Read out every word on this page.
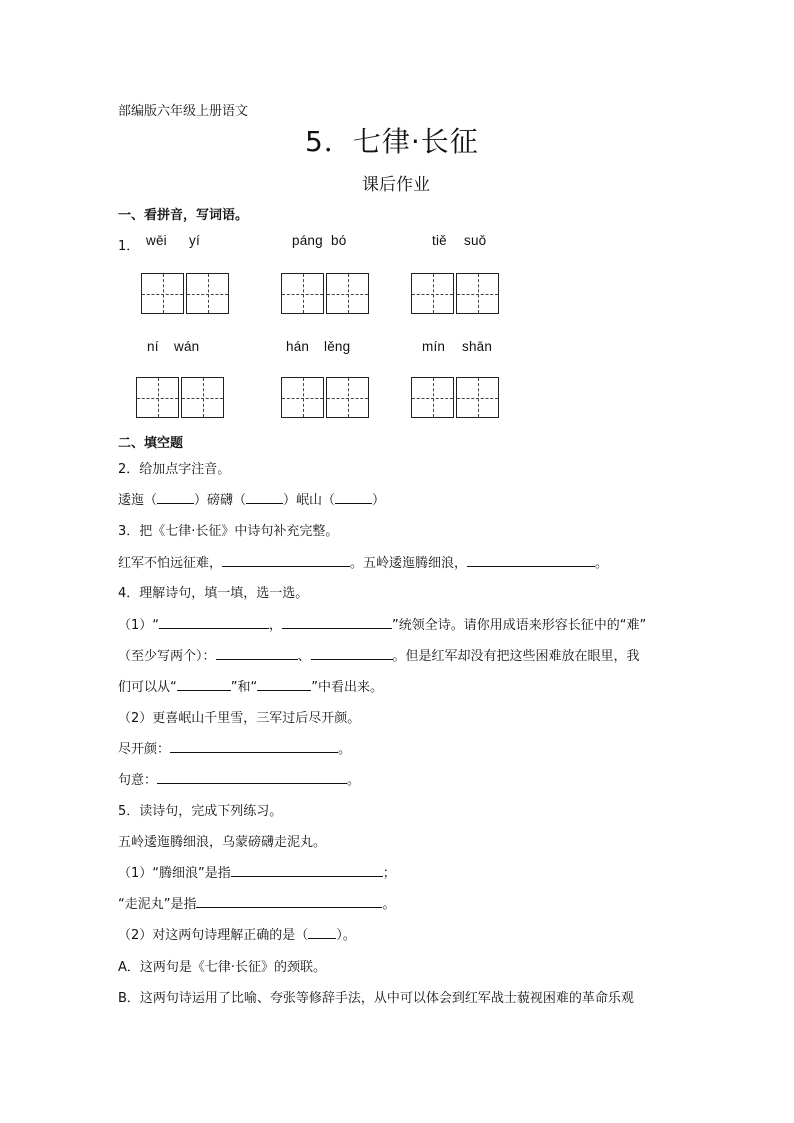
部编版六年级上册语文
5．七律·长征
课后作业
一、看拼音，写词语。
1． wēi yí	páng bó	tiě suǒ
ní wán	hán lěng	mín shān
二、填空题
2．给加点字注音。
逶迤（	）磅礴（	）岷山（	）
3．把《七律·长征》中诗句补充完整。
红军不怕远征难，	。五岭逶迤腾细浪，	。
4．理解诗句，填一填，选一选。
（1）“	，	”统领全诗。请你用成语来形容长征中的“难”
（至少写两个）：	、	。但是红军却没有把这些困难放在眼里，我
们可以从“	”和“	”中看出来。
（2）更喜岷山千里雪，三军过后尽开颜。
尽开颜：	。
句意：	。
5．读诗句，完成下列练习。
五岭逶迤腾细浪，乌蒙磅礴走泥丸。
（1）“腾细浪”是指	；
“走泥丸”是指	。
（2）对这两句诗理解正确的是（ ）。
A．这两句是《七律·长征》的颈联。
B．这两句诗运用了比喻、夸张等修辞手法，从中可以体会到红军战士藐视困难的革命乐观
